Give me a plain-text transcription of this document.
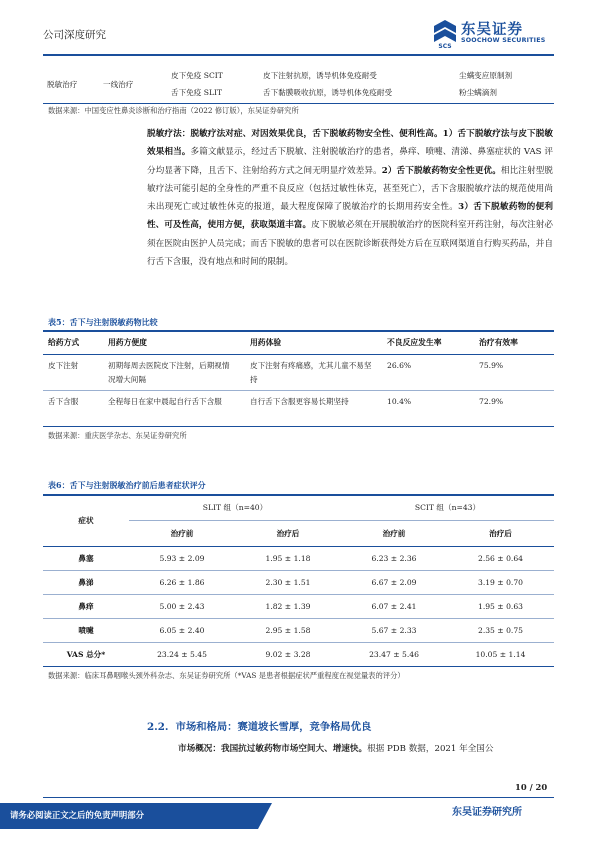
公司深度研究
SCS
东吴证券
SOOCHOW SECURITIES
脱敏治疗	一线治疗	皮下免疫 SCIT	皮下注射抗原，诱导机体免疫耐受	尘螨变应原制剂
		舌下免疫 SLIT	舌下黏膜吸收抗原，诱导机体免疫耐受	粉尘螨滴剂
数据来源：中国变应性鼻炎诊断和治疗指南（2022 修订版），东吴证券研究所
脱敏疗法：脱敏疗法对症、对因效果优良，舌下脱敏药物安全性、便利性高。1）舌下脱敏疗法与皮下脱敏效果相当。多篇文献显示，经过舌下脱敏、注射脱敏治疗的患者，鼻痒、喷嚏、清涕、鼻塞症状的 VAS 评分均显著下降，且舌下、注射给药方式之间无明显疗效差异。2）舌下脱敏药物安全性更优。相比注射型脱敏疗法可能引起的全身性的严重不良反应（包括过敏性休克，甚至死亡），舌下含服脱敏疗法的规范使用尚未出现死亡或过敏性休克的报道，最大程度保障了脱敏治疗的长期用药安全性。3）舌下脱敏药物的便利性、可及性高，使用方便，获取渠道丰富。皮下脱敏必须在开展脱敏治疗的医院科室开药注射，每次注射必须在医院由医护人员完成；而舌下脱敏的患者可以在医院诊断获得处方后在互联网渠道自行购买药品，并自行舌下含服，没有地点和时间的限制。
表5：舌下与注射脱敏药物比较
给药方式	用药方便度	用药体验	不良反应发生率	治疗有效率
皮下注射	初期每周去医院皮下注射，后期视情况增大间隔	皮下注射有疼痛感，尤其儿童不易坚持	26.6%	75.9%
舌下含服	全程每日在家中晨起自行舌下含服	自行舌下含服更容易长期坚持	10.4%	72.9%
数据来源：重庆医学杂志、东吴证券研究所
表6：舌下与注射脱敏治疗前后患者症状评分
症状	SLIT 组（n=40）		SCIT 组（n=43）	
	治疗前	治疗后	治疗前	治疗后
鼻塞	5.93 ± 2.09	1.95 ± 1.18	6.23 ± 2.36	2.56 ± 0.64
鼻涕	6.26 ± 1.86	2.30 ± 1.51	6.67 ± 2.09	3.19 ± 0.70
鼻痒	5.00 ± 2.43	1.82 ± 1.39	6.07 ± 2.41	1.95 ± 0.63
喷嚏	6.05 ± 2.40	2.95 ± 1.58	5.67 ± 2.33	2.35 ± 0.75
VAS 总分*	23.24 ± 5.45	9.02 ± 3.28	23.47 ± 5.46	10.05 ± 1.14
数据来源：临床耳鼻咽喉头颈外科杂志、东吴证券研究所（*VAS 是患者根据症状严重程度在视觉量表的评分）
2.2. 市场和格局：赛道坡长雪厚，竞争格局优良
市场概况：我国抗过敏药物市场空间大、增速快。根据 PDB 数据，2021 年全国公
10 / 20
请务必阅读正文之后的免责声明部分	东吴证券研究所
